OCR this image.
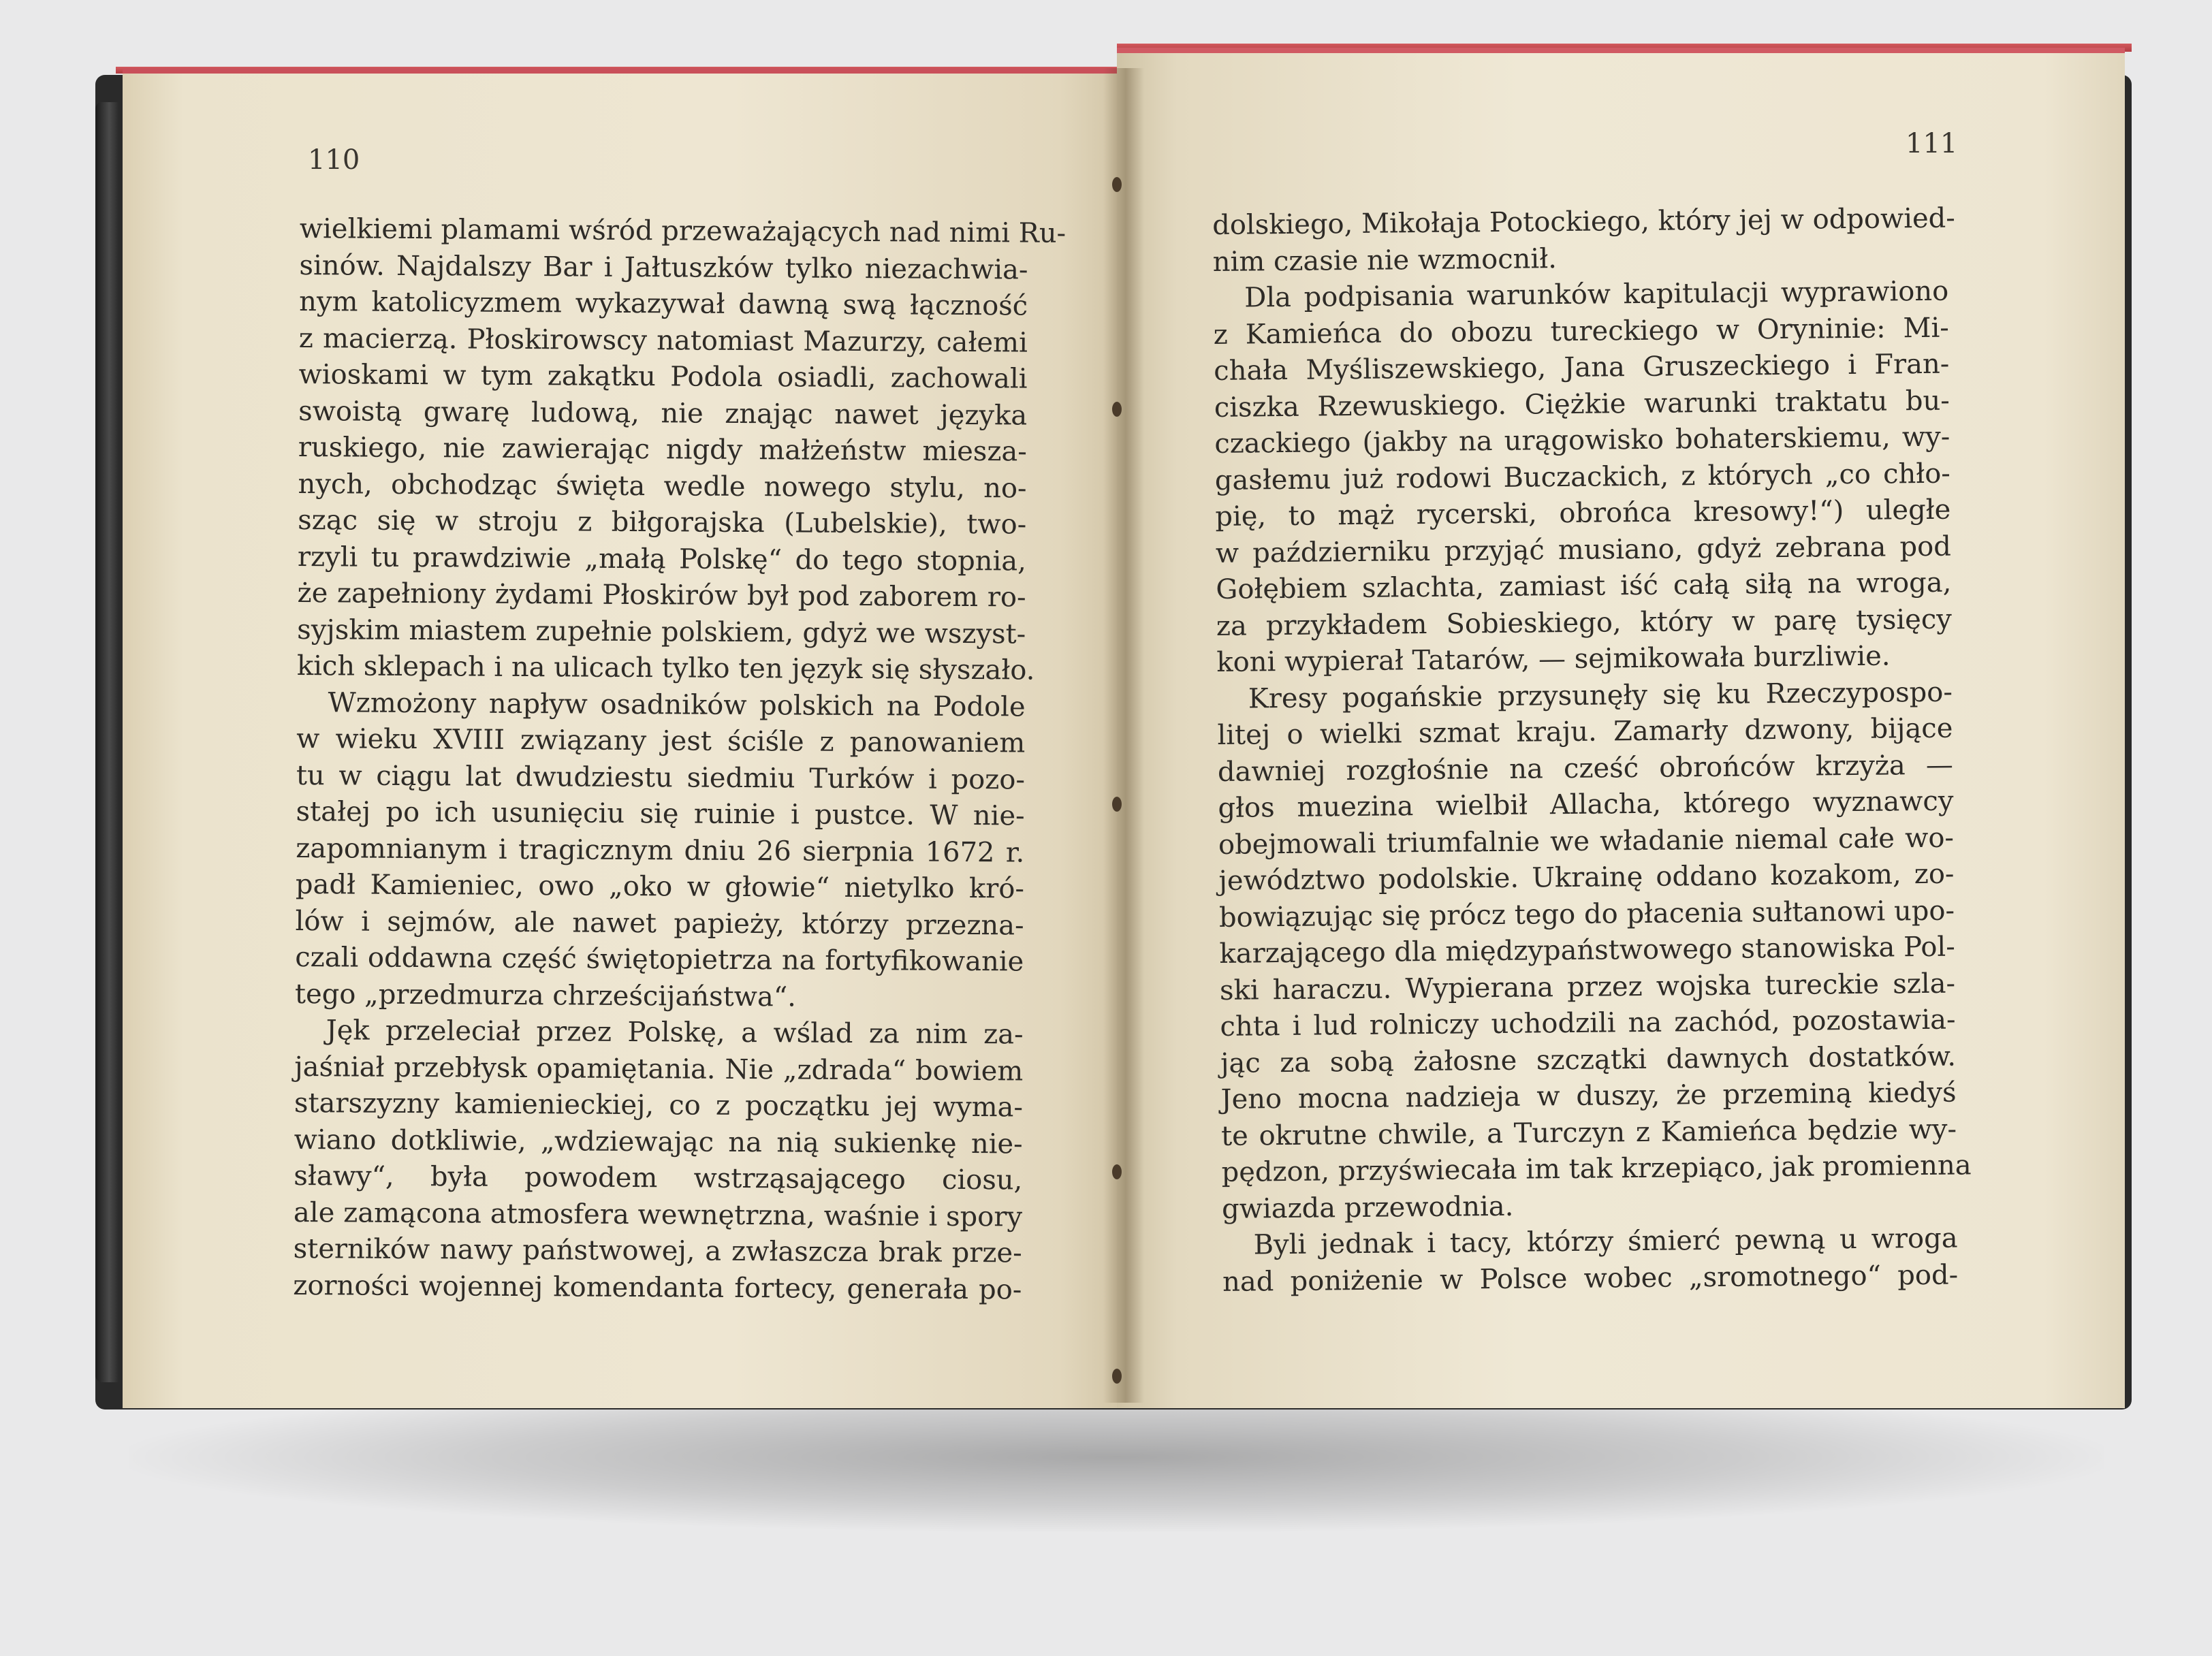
110
111
wielkiemi plamami wśród przeważających nad nimi Ru-
sinów. Najdalszy Bar i Jałtuszków tylko niezachwia-
nym katolicyzmem wykazywał dawną swą łączność
z macierzą. Płoskirowscy natomiast Mazurzy, całemi
wioskami w tym zakątku Podola osiadli, zachowali
swoistą gwarę ludową, nie znając nawet języka
ruskiego, nie zawierając nigdy małżeństw miesza-
nych, obchodząc święta wedle nowego stylu, no-
sząc się w stroju z biłgorajska (Lubelskie), two-
rzyli tu prawdziwie „małą Polskę“ do tego stopnia,
że zapełniony żydami Płoskirów był pod zaborem ro-
syjskim miastem zupełnie polskiem, gdyż we wszyst-
kich sklepach i na ulicach tylko ten język się słyszało.
Wzmożony napływ osadników polskich na Podole
w wieku XVIII związany jest ściśle z panowaniem
tu w ciągu lat dwudziestu siedmiu Turków i pozo-
stałej po ich usunięciu się ruinie i pustce. W nie-
zapomnianym i tragicznym dniu 26 sierpnia 1672 r.
padł Kamieniec, owo „oko w głowie“ nietylko kró-
lów i sejmów, ale nawet papieży, którzy przezna-
czali oddawna część świętopietrza na fortyfikowanie
tego „przedmurza chrześcijaństwa“.
Jęk przeleciał przez Polskę, a wślad za nim za-
jaśniał przebłysk opamiętania. Nie „zdrada“ bowiem
starszyzny kamienieckiej, co z początku jej wyma-
wiano dotkliwie, „wdziewając na nią sukienkę nie-
sławy“, była powodem wstrząsającego ciosu,
ale zamącona atmosfera wewnętrzna, waśnie i spory
sterników nawy państwowej, a zwłaszcza brak prze-
zorności wojennej komendanta fortecy, generała po-
dolskiego, Mikołaja Potockiego, który jej w odpowied-
nim czasie nie wzmocnił.
Dla podpisania warunków kapitulacji wyprawiono
z Kamieńca do obozu tureckiego w Oryninie: Mi-
chała Myśliszewskiego, Jana Gruszeckiego i Fran-
ciszka Rzewuskiego. Ciężkie warunki traktatu bu-
czackiego (jakby na urągowisko bohaterskiemu, wy-
gasłemu już rodowi Buczackich, z których „co chło-
pię, to mąż rycerski, obrońca kresowy!“) uległe
w październiku przyjąć musiano, gdyż zebrana pod
Gołębiem szlachta, zamiast iść całą siłą na wroga,
za przykładem Sobieskiego, który w parę tysięcy
koni wypierał Tatarów, — sejmikowała burzliwie.
Kresy pogańskie przysunęły się ku Rzeczypospo-
litej o wielki szmat kraju. Zamarły dzwony, bijące
dawniej rozgłośnie na cześć obrońców krzyża —
głos muezina wielbił Allacha, którego wyznawcy
obejmowali triumfalnie we władanie niemal całe wo-
jewództwo podolskie. Ukrainę oddano kozakom, zo-
bowiązując się prócz tego do płacenia sułtanowi upo-
karzającego dla międzypaństwowego stanowiska Pol-
ski haraczu. Wypierana przez wojska tureckie szla-
chta i lud rolniczy uchodzili na zachód, pozostawia-
jąc za sobą żałosne szczątki dawnych dostatków.
Jeno mocna nadzieja w duszy, że przeminą kiedyś
te okrutne chwile, a Turczyn z Kamieńca będzie wy-
pędzon, przyświecała im tak krzepiąco, jak promienna
gwiazda przewodnia.
Byli jednak i tacy, którzy śmierć pewną u wroga
nad poniżenie w Polsce wobec „sromotnego“ pod-
